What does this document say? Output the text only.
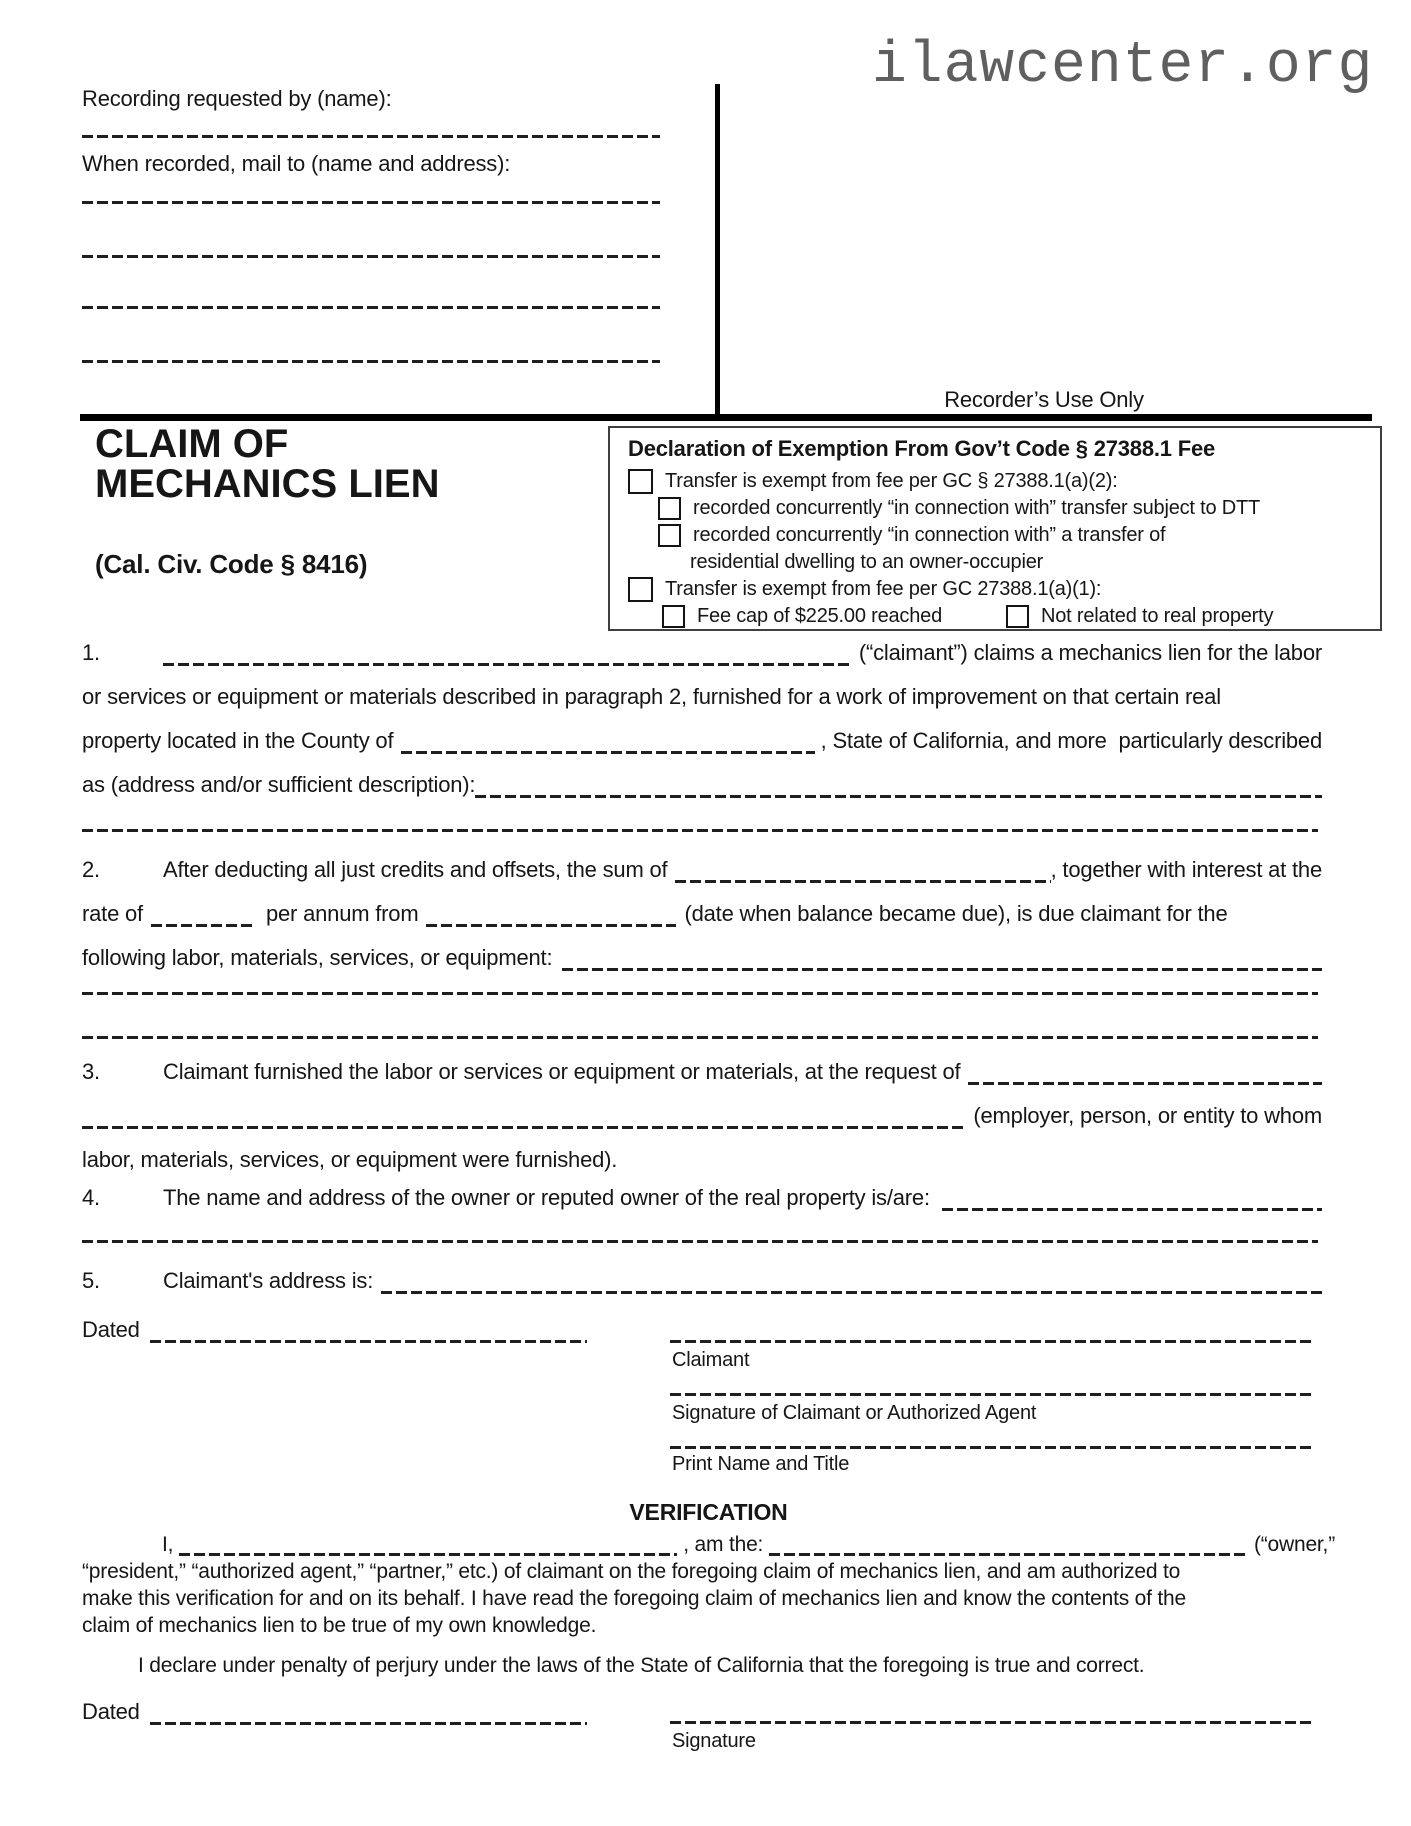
Recording requested by (name):
When recorded, mail to (name and address):
ilawcenter.org
Recorder’s Use Only
CLAIM OF
MECHANICS LIEN
(Cal. Civ. Code § 8416)
Declaration of Exemption From Gov’t Code § 27388.1 Fee
Transfer is exempt from fee per GC § 27388.1(a)(2):
recorded concurrently “in connection with” transfer subject to DTT
recorded concurrently “in connection with” a transfer of
residential dwelling to an owner-occupier
Transfer is exempt from fee per GC 27388.1(a)(1):
Fee cap of $225.00 reached	Not related to real property
1.	(“claimant”) claims a mechanics lien for the labor
or services or equipment or materials described in paragraph 2, furnished for a work of improvement on that certain real
property located in the County of	, State of California, and more  particularly described
as (address and/or sufficient description):
2.	After deducting all just credits and offsets, the sum of	, together with interest at the
rate of	per annum from	(date when balance became due), is due claimant for the
following labor, materials, services, or equipment:
3.	Claimant furnished the labor or services or equipment or materials, at the request of
(employer, person, or entity to whom
labor, materials, services, or equipment were furnished).
4.	The name and address of the owner or reputed owner of the real property is/are:
5.	Claimant's address is:
Dated
Claimant
Signature of Claimant or Authorized Agent
Print Name and Title
VERIFICATION
I,	, am the:	(“owner,”
“president,” “authorized agent,” “partner,” etc.) of claimant on the foregoing claim of mechanics lien, and am authorized to
make this verification for and on its behalf. I have read the foregoing claim of mechanics lien and know the contents of the
claim of mechanics lien to be true of my own knowledge.
I declare under penalty of perjury under the laws of the State of California that the foregoing is true and correct.
Dated
Signature
